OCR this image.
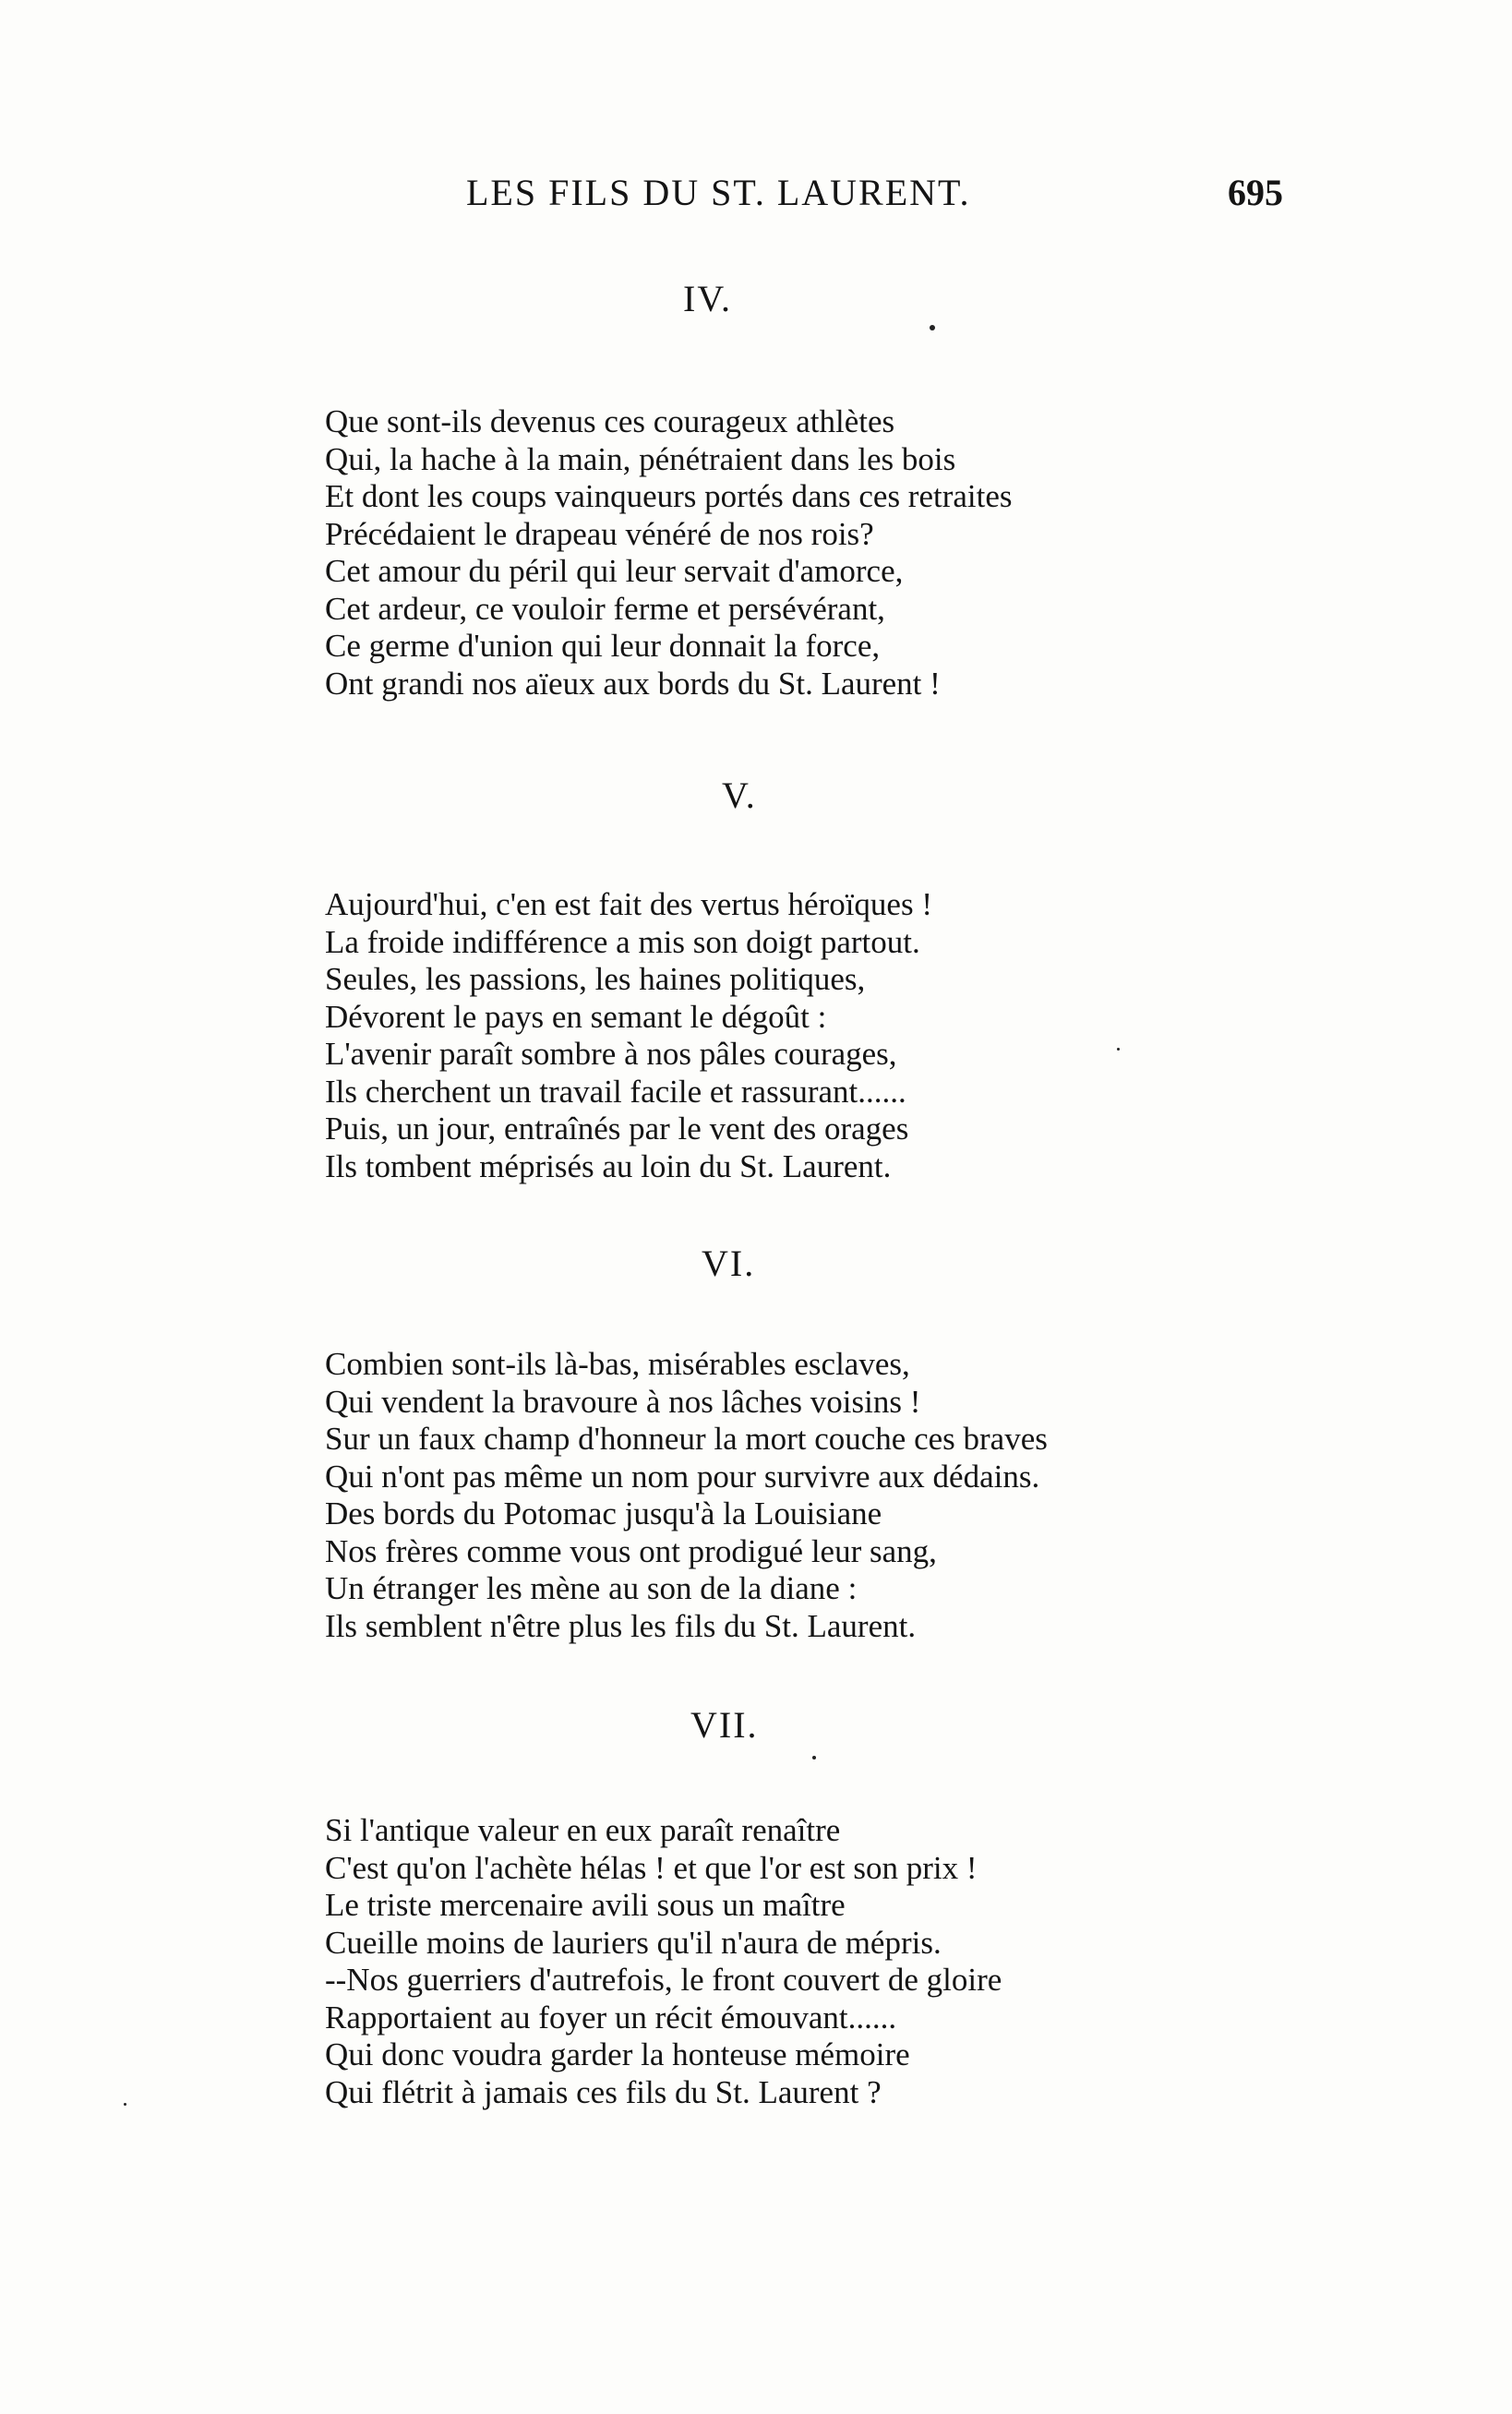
LES FILS DU ST. LAURENT.	695
IV.
Que sont-ils devenus ces courageux athlètes
Qui, la hache à la main, pénétraient dans les bois
Et dont les coups vainqueurs portés dans ces retraites
Précédaient le drapeau vénéré de nos rois?
Cet amour du péril qui leur servait d'amorce,
Cet ardeur, ce vouloir ferme et persévérant,
Ce germe d'union qui leur donnait la force,
Ont grandi nos aïeux aux bords du St. Laurent !
V.
Aujourd'hui, c'en est fait des vertus héroïques !
La froide indifférence a mis son doigt partout.
Seules, les passions, les haines politiques,
Dévorent le pays en semant le dégoût :
L'avenir paraît sombre à nos pâles courages,
Ils cherchent un travail facile et rassurant......
Puis, un jour, entraînés par le vent des orages
Ils tombent méprisés au loin du St. Laurent.
VI.
Combien sont-ils là-bas, misérables esclaves,
Qui vendent la bravoure à nos lâches voisins !
Sur un faux champ d'honneur la mort couche ces braves
Qui n'ont pas même un nom pour survivre aux dédains.
Des bords du Potomac jusqu'à la Louisiane
Nos frères comme vous ont prodigué leur sang,
Un étranger les mène au son de la diane :
Ils semblent n'être plus les fils du St. Laurent.
VII.
Si l'antique valeur en eux paraît renaître
C'est qu'on l'achète hélas ! et que l'or est son prix !
Le triste mercenaire avili sous un maître
Cueille moins de lauriers qu'il n'aura de mépris.
--Nos guerriers d'autrefois, le front couvert de gloire
Rapportaient au foyer un récit émouvant......
Qui donc voudra garder la honteuse mémoire
Qui flétrit à jamais ces fils du St. Laurent ?
